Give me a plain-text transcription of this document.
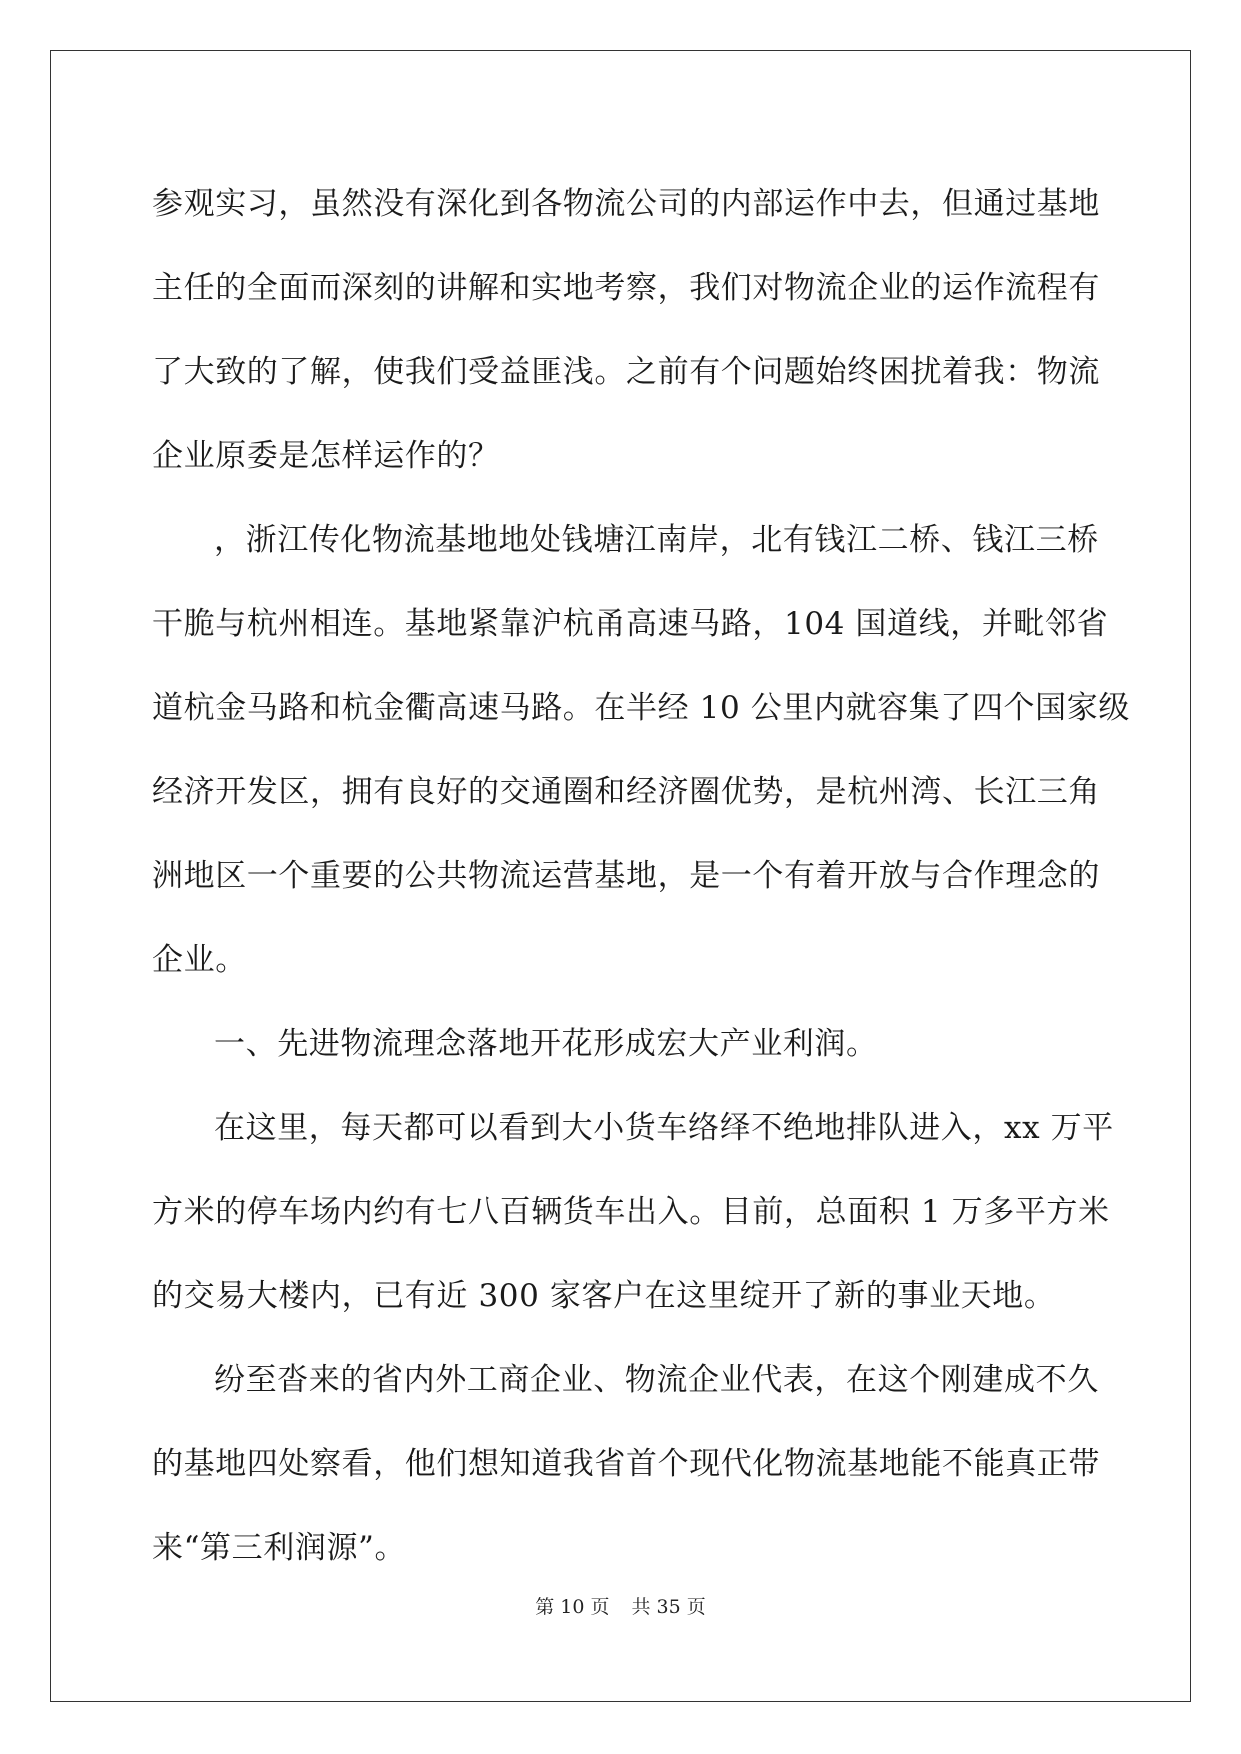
参观实习，虽然没有深化到各物流公司的内部运作中去，但通过基地
主任的全面而深刻的讲解和实地考察，我们对物流企业的运作流程有
了大致的了解，使我们受益匪浅。之前有个问题始终困扰着我：物流
企业原委是怎样运作的？
，浙江传化物流基地地处钱塘江南岸，北有钱江二桥、钱江三桥
干脆与杭州相连。基地紧靠沪杭甬高速马路，104 国道线，并毗邻省
道杭金马路和杭金衢高速马路。在半经 10 公里内就容集了四个国家级
经济开发区，拥有良好的交通圈和经济圈优势，是杭州湾、长江三角
洲地区一个重要的公共物流运营基地，是一个有着开放与合作理念的
企业。
一、先进物流理念落地开花形成宏大产业利润。
在这里，每天都可以看到大小货车络绎不绝地排队进入，xx 万平
方米的停车场内约有七八百辆货车出入。目前，总面积 1 万多平方米
的交易大楼内，已有近 300 家客户在这里绽开了新的事业天地。
纷至沓来的省内外工商企业、物流企业代表，在这个刚建成不久
的基地四处察看，他们想知道我省首个现代化物流基地能不能真正带
来“第三利润源”。
第 10 页 共 35 页
